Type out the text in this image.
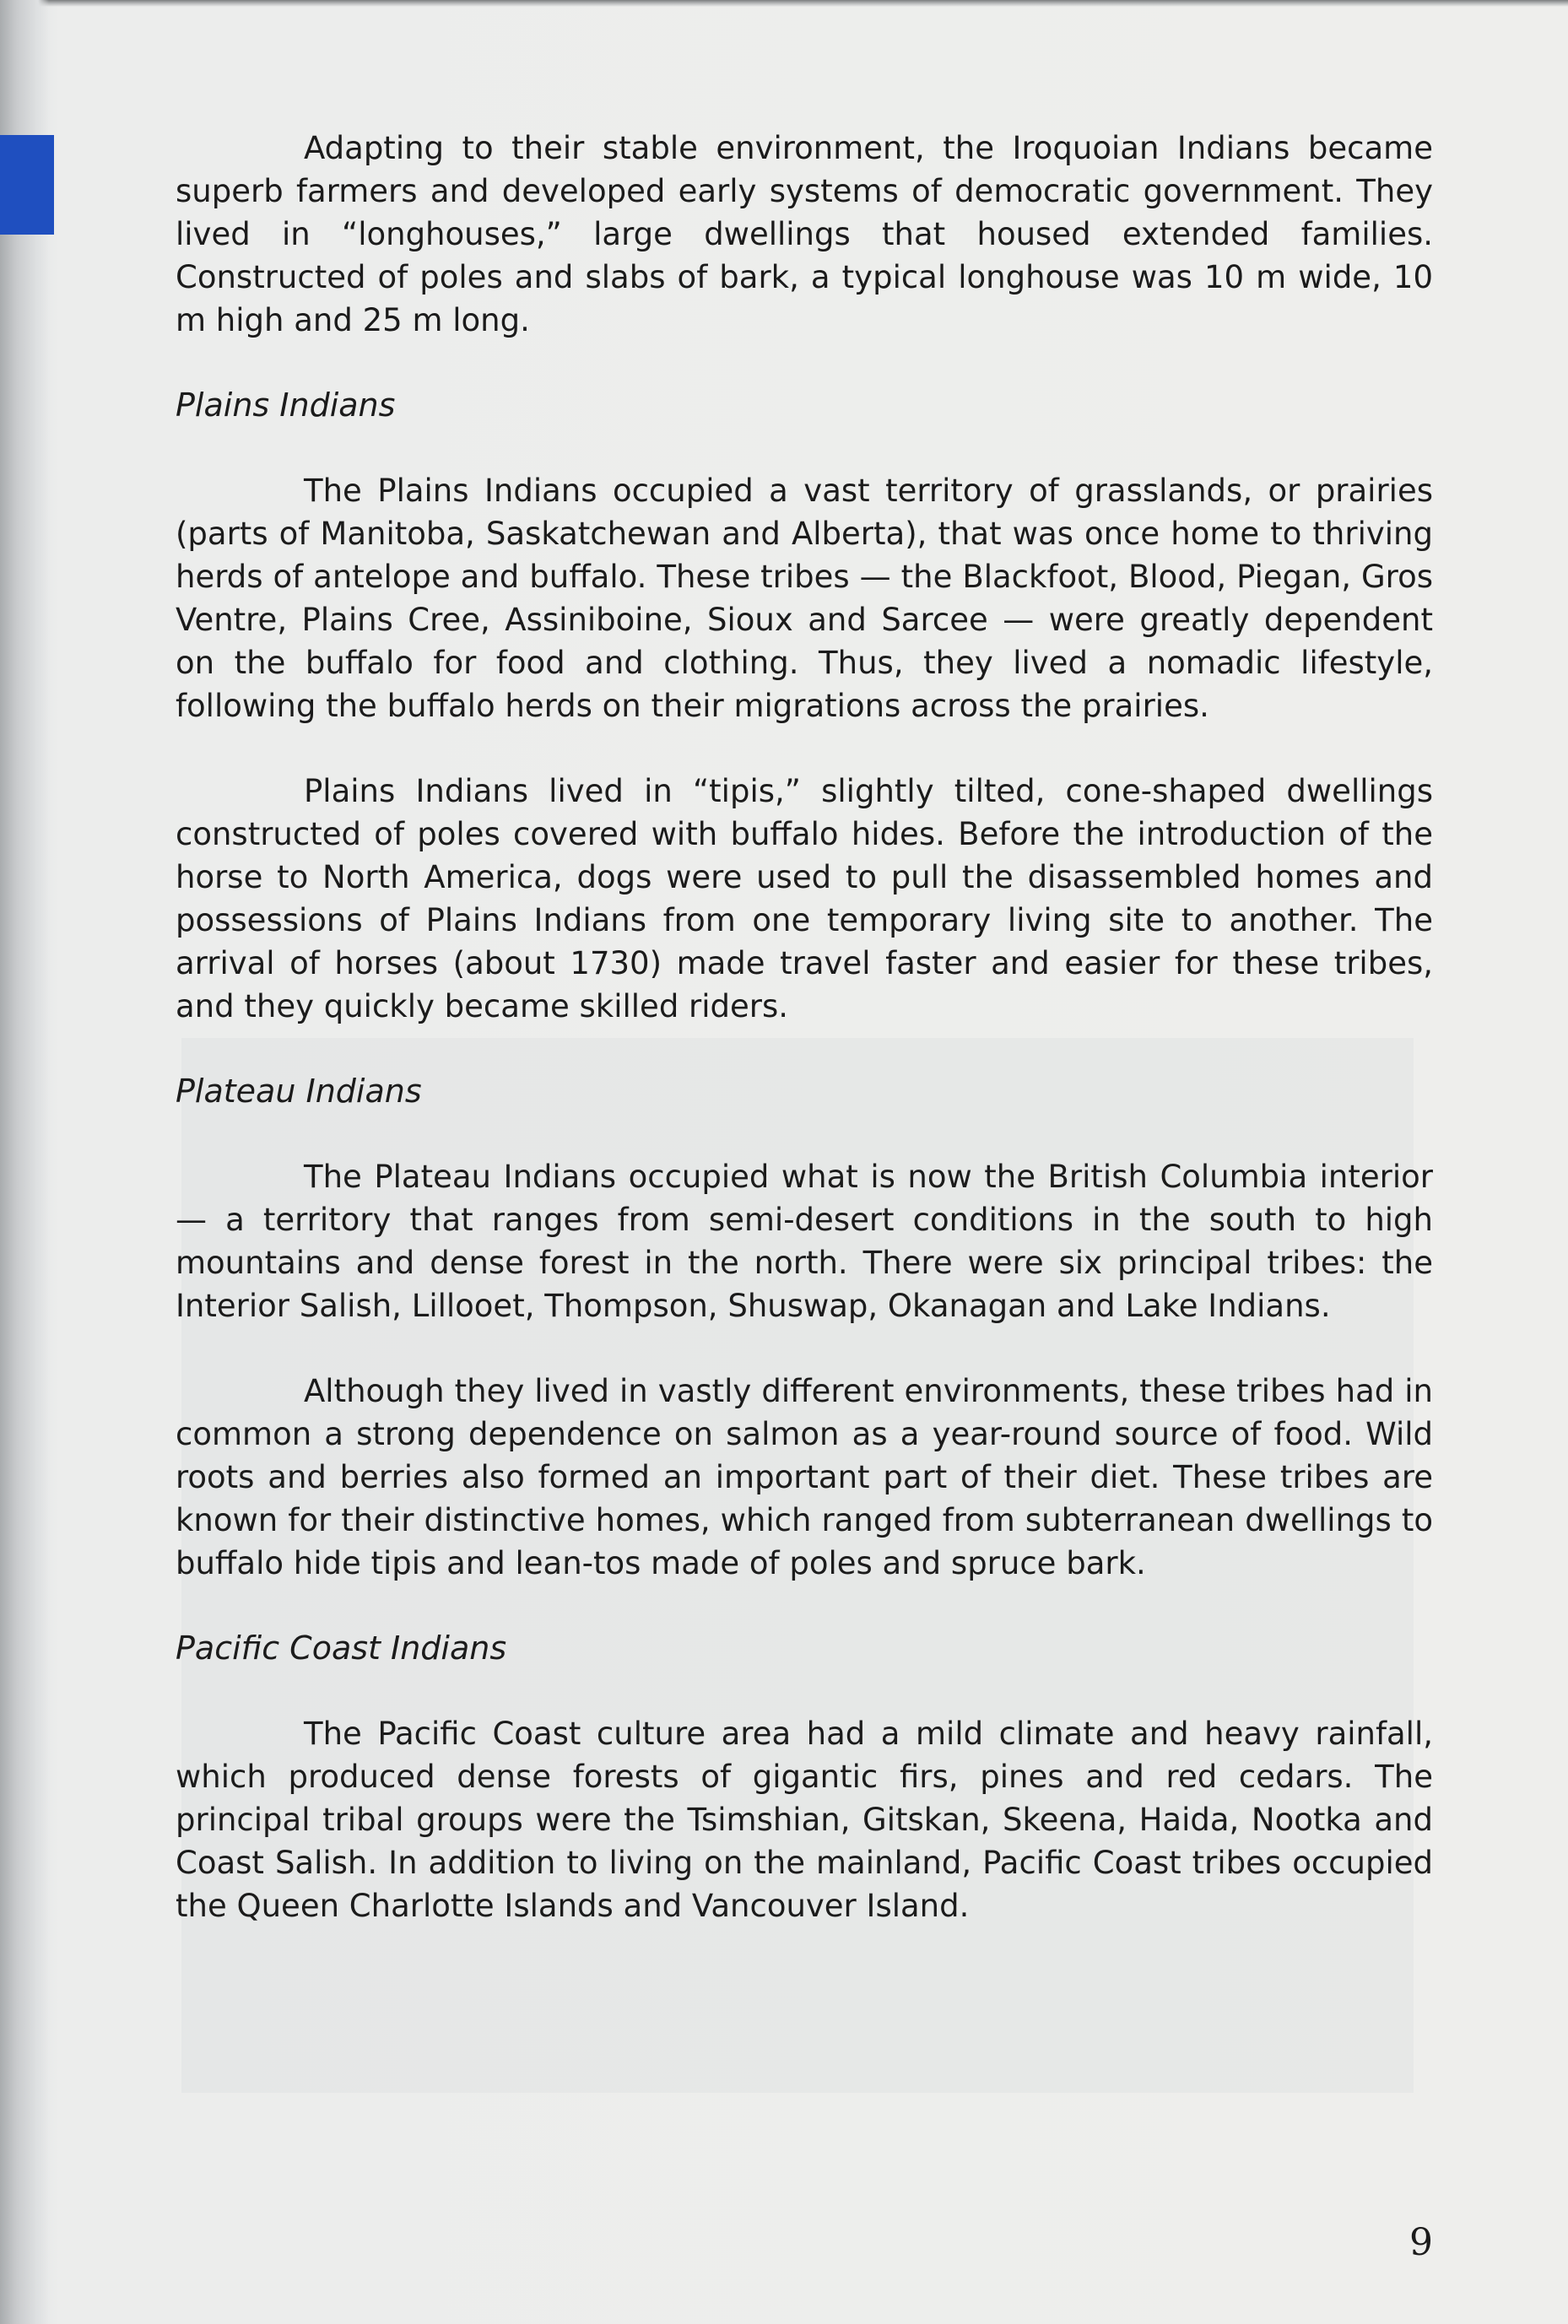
Adapting to their stable environment, the Iroquoian Indians became superb farmers and developed early systems of democratic government. They lived in “longhouses,” large dwellings that housed extended families. Constructed of poles and slabs of bark, a typical longhouse was 10 m wide, 10 m high and 25 m long.

Plains Indians

The Plains Indians occupied a vast territory of grasslands, or prairies (parts of Manitoba, Saskatchewan and Alberta), that was once home to thriving herds of antelope and buffalo. These tribes — the Blackfoot, Blood, Piegan, Gros Ventre, Plains Cree, Assiniboine, Sioux and Sarcee — were greatly dependent on the buffalo for food and clothing. Thus, they lived a nomadic lifestyle, following the buffalo herds on their migrations across the prairies.

Plains Indians lived in “tipis,” slightly tilted, cone-shaped dwellings constructed of poles covered with buffalo hides. Before the introduction of the horse to North America, dogs were used to pull the disassembled homes and possessions of Plains Indians from one temporary living site to another. The arrival of horses (about 1730) made travel faster and easier for these tribes, and they quickly became skilled riders.

Plateau Indians

The Plateau Indians occupied what is now the British Columbia interior — a territory that ranges from semi-desert conditions in the south to high mountains and dense forest in the north. There were six principal tribes: the Interior Salish, Lillooet, Thompson, Shuswap, Okanagan and Lake Indians.

Although they lived in vastly different environments, these tribes had in common a strong dependence on salmon as a year-round source of food. Wild roots and berries also formed an important part of their diet. These tribes are known for their distinctive homes, which ranged from subterranean dwellings to buffalo hide tipis and lean-tos made of poles and spruce bark.

Pacific Coast Indians

The Pacific Coast culture area had a mild climate and heavy rainfall, which produced dense forests of gigantic firs, pines and red cedars. The principal tribal groups were the Tsimshian, Gitskan, Skeena, Haida, Nootka and Coast Salish. In addition to living on the mainland, Pacific Coast tribes occupied the Queen Charlotte Islands and Vancouver Island.

9
